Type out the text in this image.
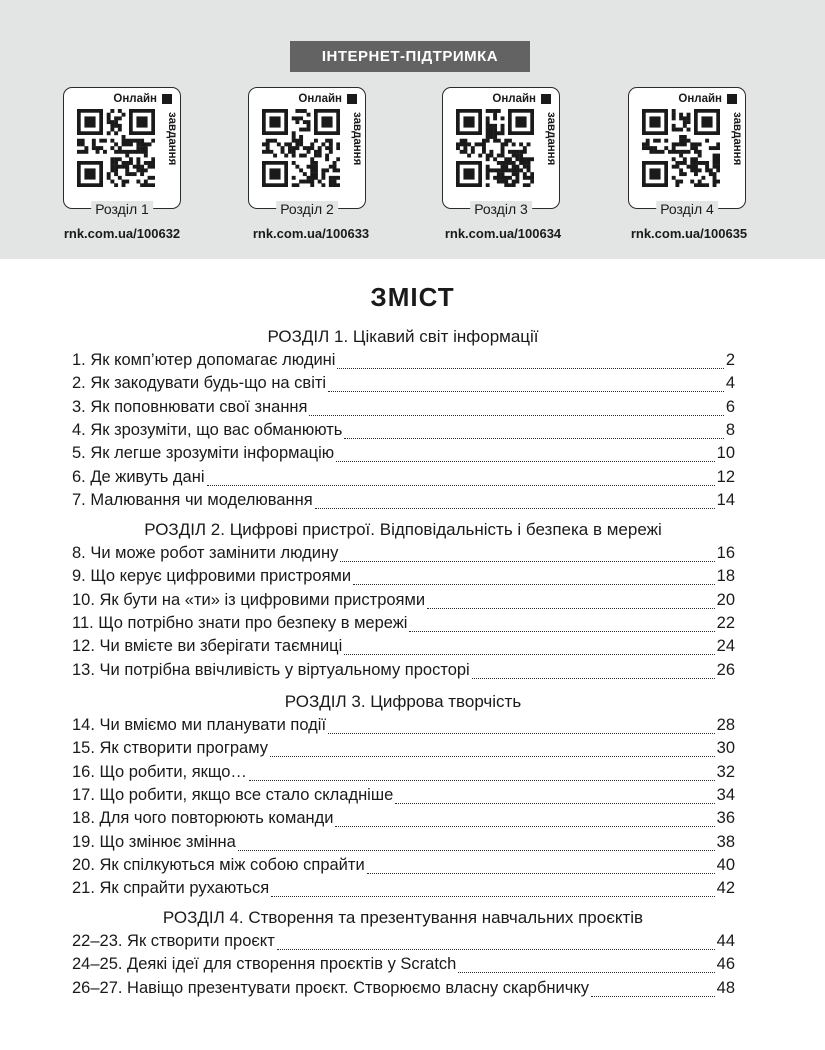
ІНТЕРНЕТ-ПІДТРИМКА
Онлайн
завдання
Розділ 1
rnk.com.ua/100632
Онлайн
завдання
Розділ 2
rnk.com.ua/100633
Онлайн
завдання
Розділ 3
rnk.com.ua/100634
Онлайн
завдання
Розділ 4
rnk.com.ua/100635
ЗМІСТ
РОЗДІЛ 1. Цікавий світ інформації
1. Як комп’ютер допомагає людині	2
2. Як закодувати будь-що на світі	4
3. Як поповнювати свої знання	6
4. Як зрозуміти, що вас обманюють	8
5. Як легше зрозуміти інформацію	10
6. Де живуть дані	12
7. Малювання чи моделювання	14
РОЗДІЛ 2. Цифрові пристрої. Відповідальність і безпека в мережі
8. Чи може робот замінити людину	16
9. Що керує цифровими пристроями	18
10. Як бути на «ти» із цифровими пристроями	20
11. Що потрібно знати про безпеку в мережі	22
12. Чи вмієте ви зберігати таємниці	24
13. Чи потрібна ввічливість у віртуальному просторі	26
РОЗДІЛ 3. Цифрова творчість
14. Чи вміємо ми планувати події	28
15. Як створити програму	30
16. Що робити, якщо…	32
17. Що робити, якщо все стало складніше	34
18. Для чого повторюють команди	36
19. Що змінює змінна	38
20. Як спілкуються між собою спрайти	40
21. Як спрайти рухаються	42
РОЗДІЛ 4. Створення та презентування навчальних проєктів
22–23. Як створити проєкт	44
24–25. Деякі ідеї для створення проєктів у Scratch	46
26–27. Навіщо презентувати проєкт. Створюємо власну скарбничку	48
